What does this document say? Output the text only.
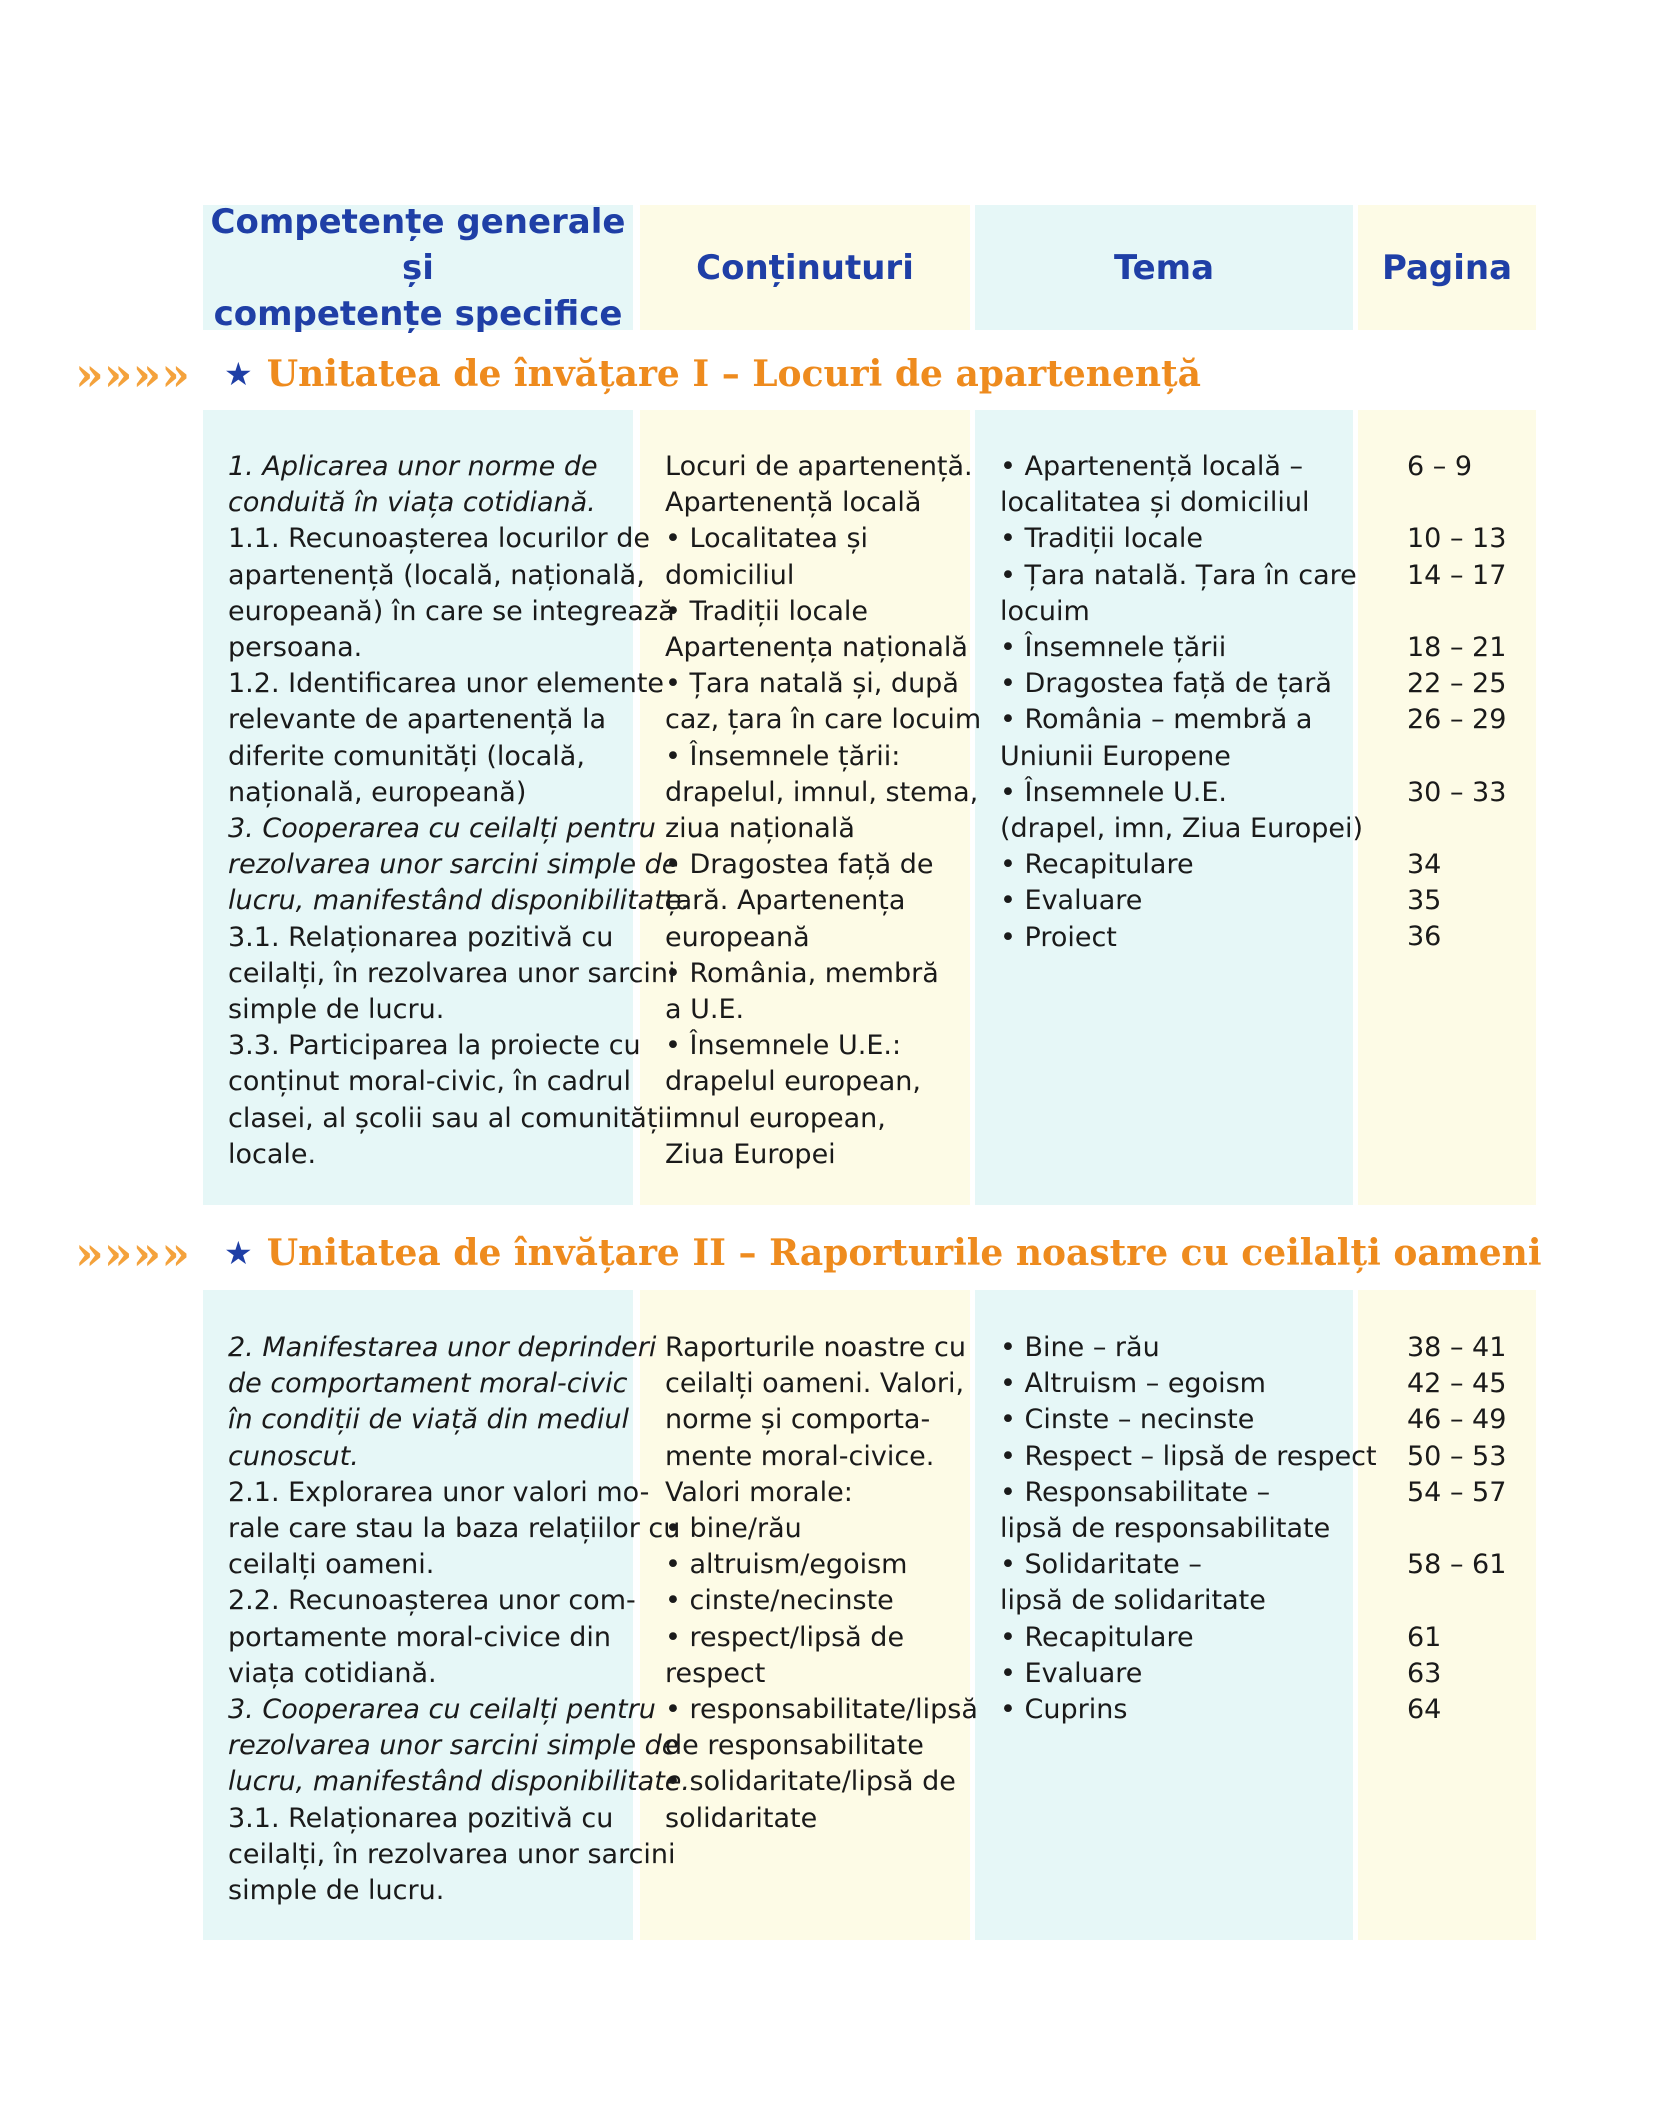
Competențe generale și
competențe specifice
Conținuturi	Tema	Pagina
» » » » ★ Unitatea de învățare I – Locuri de apartenență
1. Aplicarea unor norme de
conduită în viața cotidiană.
1.1. Recunoașterea locurilor de
apartenență (locală, națională,
europeană) în care se integrează
persoana.
1.2. Identificarea unor elemente
relevante de apartenență la
diferite comunități (locală,
națională, europeană)
3. Cooperarea cu ceilalți pentru
rezolvarea unor sarcini simple de
lucru, manifestând disponibilitate.
3.1. Relaționarea pozitivă cu
ceilalți, în rezolvarea unor sarcini
simple de lucru.
3.3. Participarea la proiecte cu
conținut moral-civic, în cadrul
clasei, al școlii sau al comunității
locale.
Locuri de apartenență.
Apartenență locală
• Localitatea și
domiciliul
• Tradiții locale
Apartenența națională
• Țara natală și, după
caz, țara în care locuim
• Însemnele țării:
drapelul, imnul, stema,
ziua națională
• Dragostea față de
țară. Apartenența
europeană
• România, membră
a U.E.
• Însemnele U.E.:
drapelul european,
imnul european,
Ziua Europei
• Apartenență locală –
localitatea și domiciliul
• Tradiții locale
• Țara natală. Țara în care
locuim
• Însemnele țării
• Dragostea față de țară
• România – membră a
Uniunii Europene
• Însemnele U.E.
(drapel, imn, Ziua Europei)
• Recapitulare
• Evaluare
• Proiect
6 – 9
10 – 13
14 – 17
18 – 21
22 – 25
26 – 29
30 – 33
34
35
36
» » » » ★ Unitatea de învățare II – Raporturile noastre cu ceilalți oameni
2. Manifestarea unor deprinderi
de comportament moral-civic
în condiții de viață din mediul
cunoscut.
2.1. Explorarea unor valori mo-
rale care stau la baza relațiilor cu
ceilalți oameni.
2.2. Recunoașterea unor com-
portamente moral-civice din
viața cotidiană.
3. Cooperarea cu ceilalți pentru
rezolvarea unor sarcini simple de
lucru, manifestând disponibilitate.
3.1. Relaționarea pozitivă cu
ceilalți, în rezolvarea unor sarcini
simple de lucru.
Raporturile noastre cu
ceilalți oameni. Valori,
norme și comporta-
mente moral-civice.
Valori morale:
• bine/rău
• altruism/egoism
• cinste/necinste
• respect/lipsă de
respect
• responsabilitate/lipsă
de responsabilitate
• solidaritate/lipsă de
solidaritate
• Bine – rău
• Altruism – egoism
• Cinste – necinste
• Respect – lipsă de respect
• Responsabilitate –
lipsă de responsabilitate
• Solidaritate –
lipsă de solidaritate
• Recapitulare
• Evaluare
• Cuprins
38 – 41
42 – 45
46 – 49
50 – 53
54 – 57
58 – 61
61
63
64
